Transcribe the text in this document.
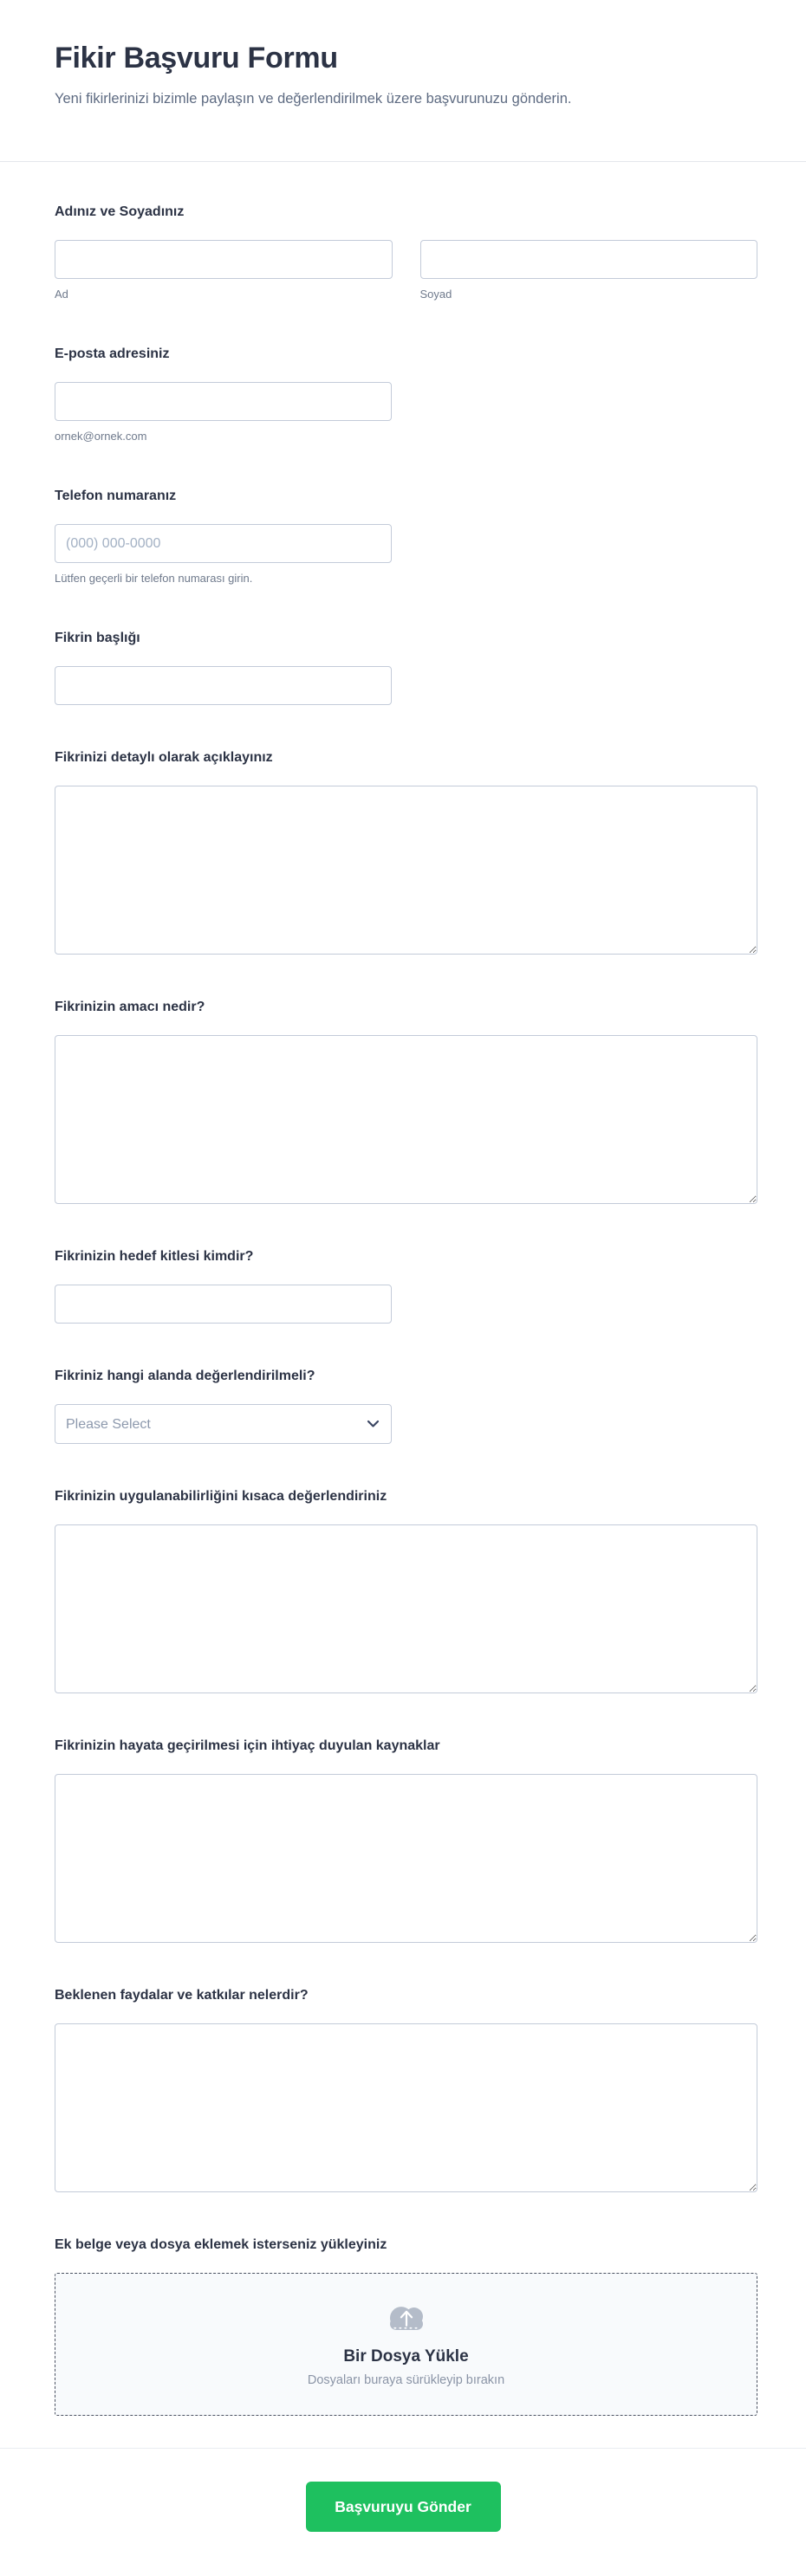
Fikir Başvuru Formu

Yeni fikirlerinizi bizimle paylaşın ve değerlendirilmek üzere başvurunuzu gönderin.

Adınız ve Soyadınız
Ad	Soyad
E-posta adresiniz
ornek@ornek.com
Telefon numaranız
(000) 000-0000
Lütfen geçerli bir telefon numarası girin.
Fikrin başlığı
Fikrinizi detaylı olarak açıklayınız
Fikrinizin amacı nedir?
Fikrinizin hedef kitlesi kimdir?
Fikriniz hangi alanda değerlendirilmeli?
Please Select
Fikrinizin uygulanabilirliğini kısaca değerlendiriniz
Fikrinizin hayata geçirilmesi için ihtiyaç duyulan kaynaklar
Beklenen faydalar ve katkılar nelerdir?
Ek belge veya dosya eklemek isterseniz yükleyiniz
Bir Dosya Yükle
Dosyaları buraya sürükleyip bırakın
Başvuruyu Gönder
